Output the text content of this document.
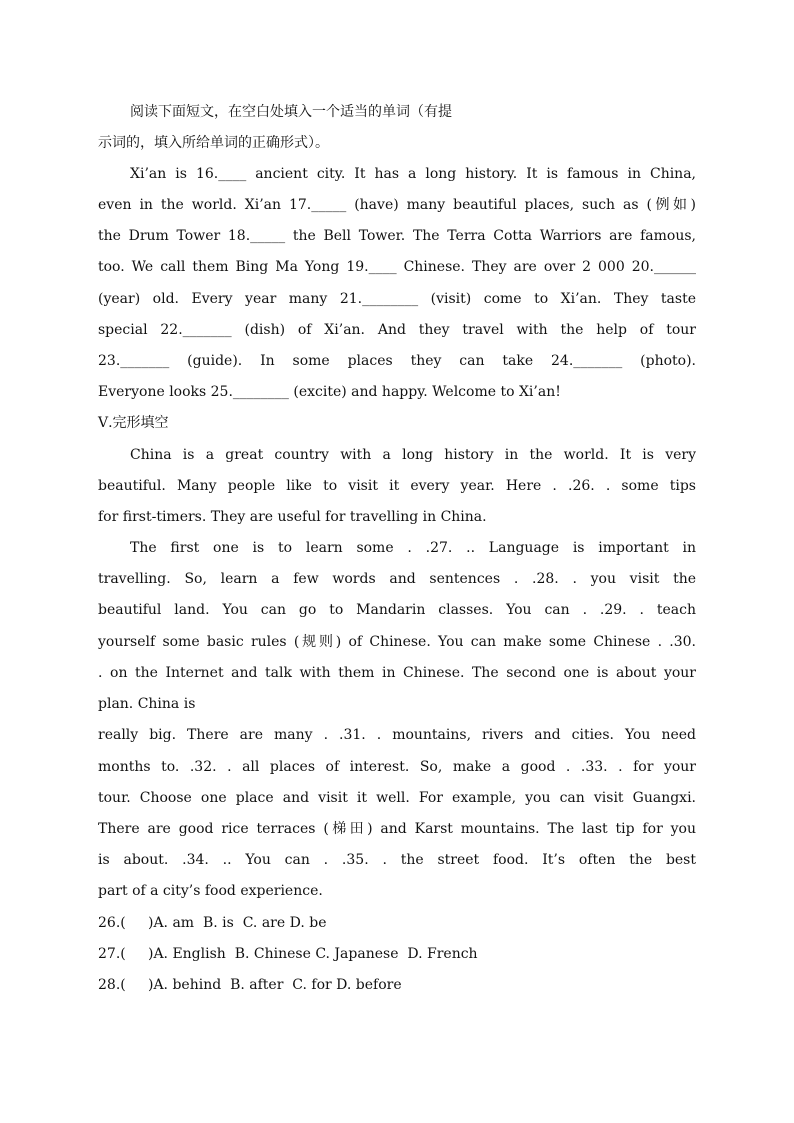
阅读下面短文，在空白处填入一个适当的单词（有提
示词的，填入所给单词的正确形式）。
Xi’an is 16.____ ancient city. It has a long history. It is famous in China,
even in the world. Xi’an 17._____ (have) many beautiful places, such as (例如)
the Drum Tower 18._____ the Bell Tower. The Terra Cotta Warriors are famous,
too. We call them Bing Ma Yong 19.____ Chinese. They are over 2 000 20.______
(year) old. Every year many 21.________ (visit) come to Xi’an. They taste
special 22._______ (dish) of Xi’an. And they travel with the help of tour
23._______ (guide). In some places they can take 24._______ (photo).
Everyone looks 25.________ (excite) and happy. Welcome to Xi’an!
Ⅴ.完形填空
China is a great country with a long history in the world. It is very
beautiful. Many people like to visit it every year. Here . .26. . some tips
for first-timers. They are useful for travelling in China.
The first one is to learn some . .27. .. Language is important in
travelling. So, learn a few words and sentences . .28. . you visit the
beautiful land. You can go to Mandarin classes. You can . .29. . teach
yourself some basic rules (规则) of Chinese. You can make some Chinese . .30.
. on the Internet and talk with them in Chinese. The second one is about your
plan. China is
really big. There are many . .31. . mountains, rivers and cities. You need
months to. .32. . all places of interest. So, make a good . .33. . for your
tour. Choose one place and visit it well. For example, you can visit Guangxi.
There are good rice terraces (梯田) and Karst mountains. The last tip for you
is about. .34. .. You can . .35. . the street food. It’s often the best
part of a city’s food experience.
26.(     )A. am  B. is  C. are D. be
27.(     )A. English  B. Chinese C. Japanese  D. French
28.(     )A. behind  B. after  C. for D. before
